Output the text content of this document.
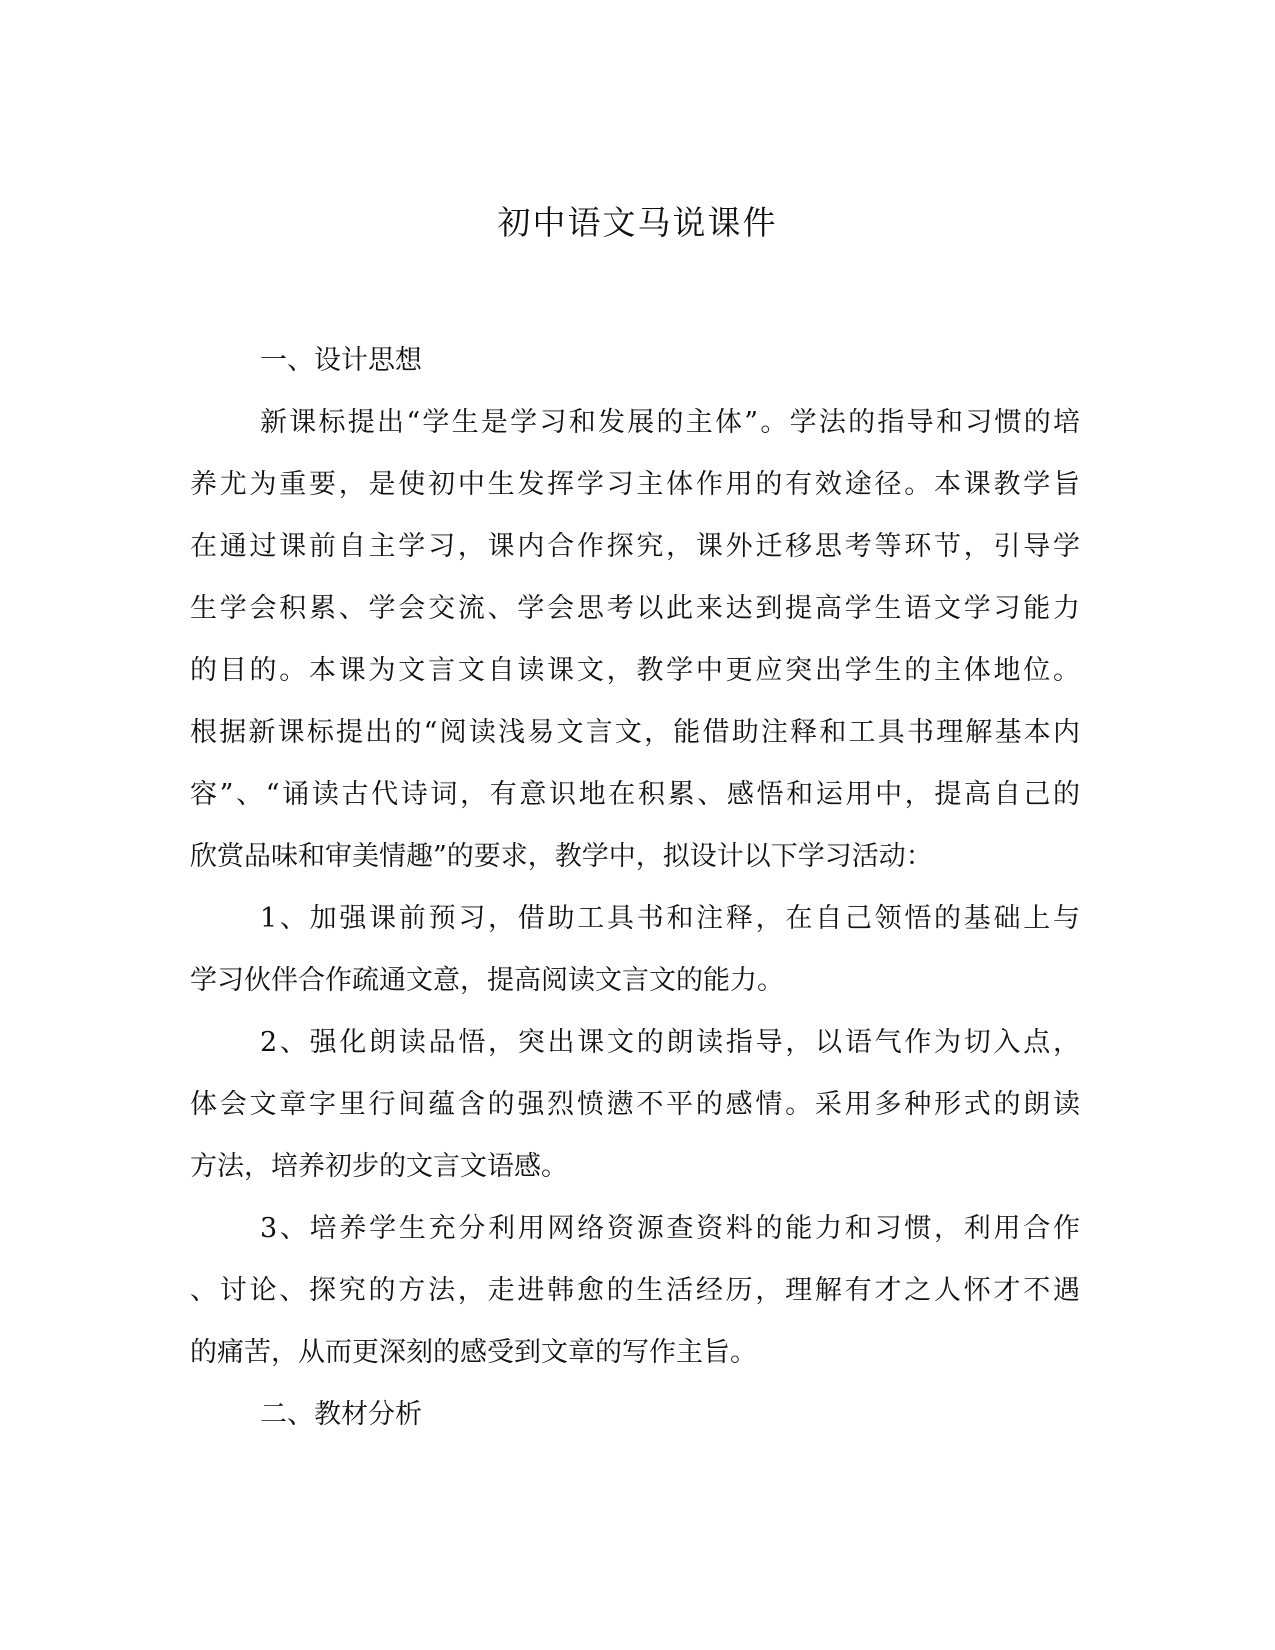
初中语文马说课件
一、设计思想
新课标提出“学生是学习和发展的主体”。学法的指导和习惯的培
养尤为重要，是使初中生发挥学习主体作用的有效途径。本课教学旨
在通过课前自主学习，课内合作探究，课外迁移思考等环节，引导学
生学会积累、学会交流、学会思考以此来达到提高学生语文学习能力
的目的。本课为文言文自读课文，教学中更应突出学生的主体地位。
根据新课标提出的“阅读浅易文言文，能借助注释和工具书理解基本内
容”、“诵读古代诗词，有意识地在积累、感悟和运用中，提高自己的
欣赏品味和审美情趣”的要求，教学中，拟设计以下学习活动：
1、加强课前预习，借助工具书和注释，在自己领悟的基础上与
学习伙伴合作疏通文意，提高阅读文言文的能力。
2、强化朗读品悟，突出课文的朗读指导，以语气作为切入点，
体会文章字里行间蕴含的强烈愤懑不平的感情。采用多种形式的朗读
方法，培养初步的文言文语感。
3、培养学生充分利用网络资源查资料的能力和习惯，利用合作
、讨论、探究的方法，走进韩愈的生活经历，理解有才之人怀才不遇
的痛苦，从而更深刻的感受到文章的写作主旨。
二、教材分析
